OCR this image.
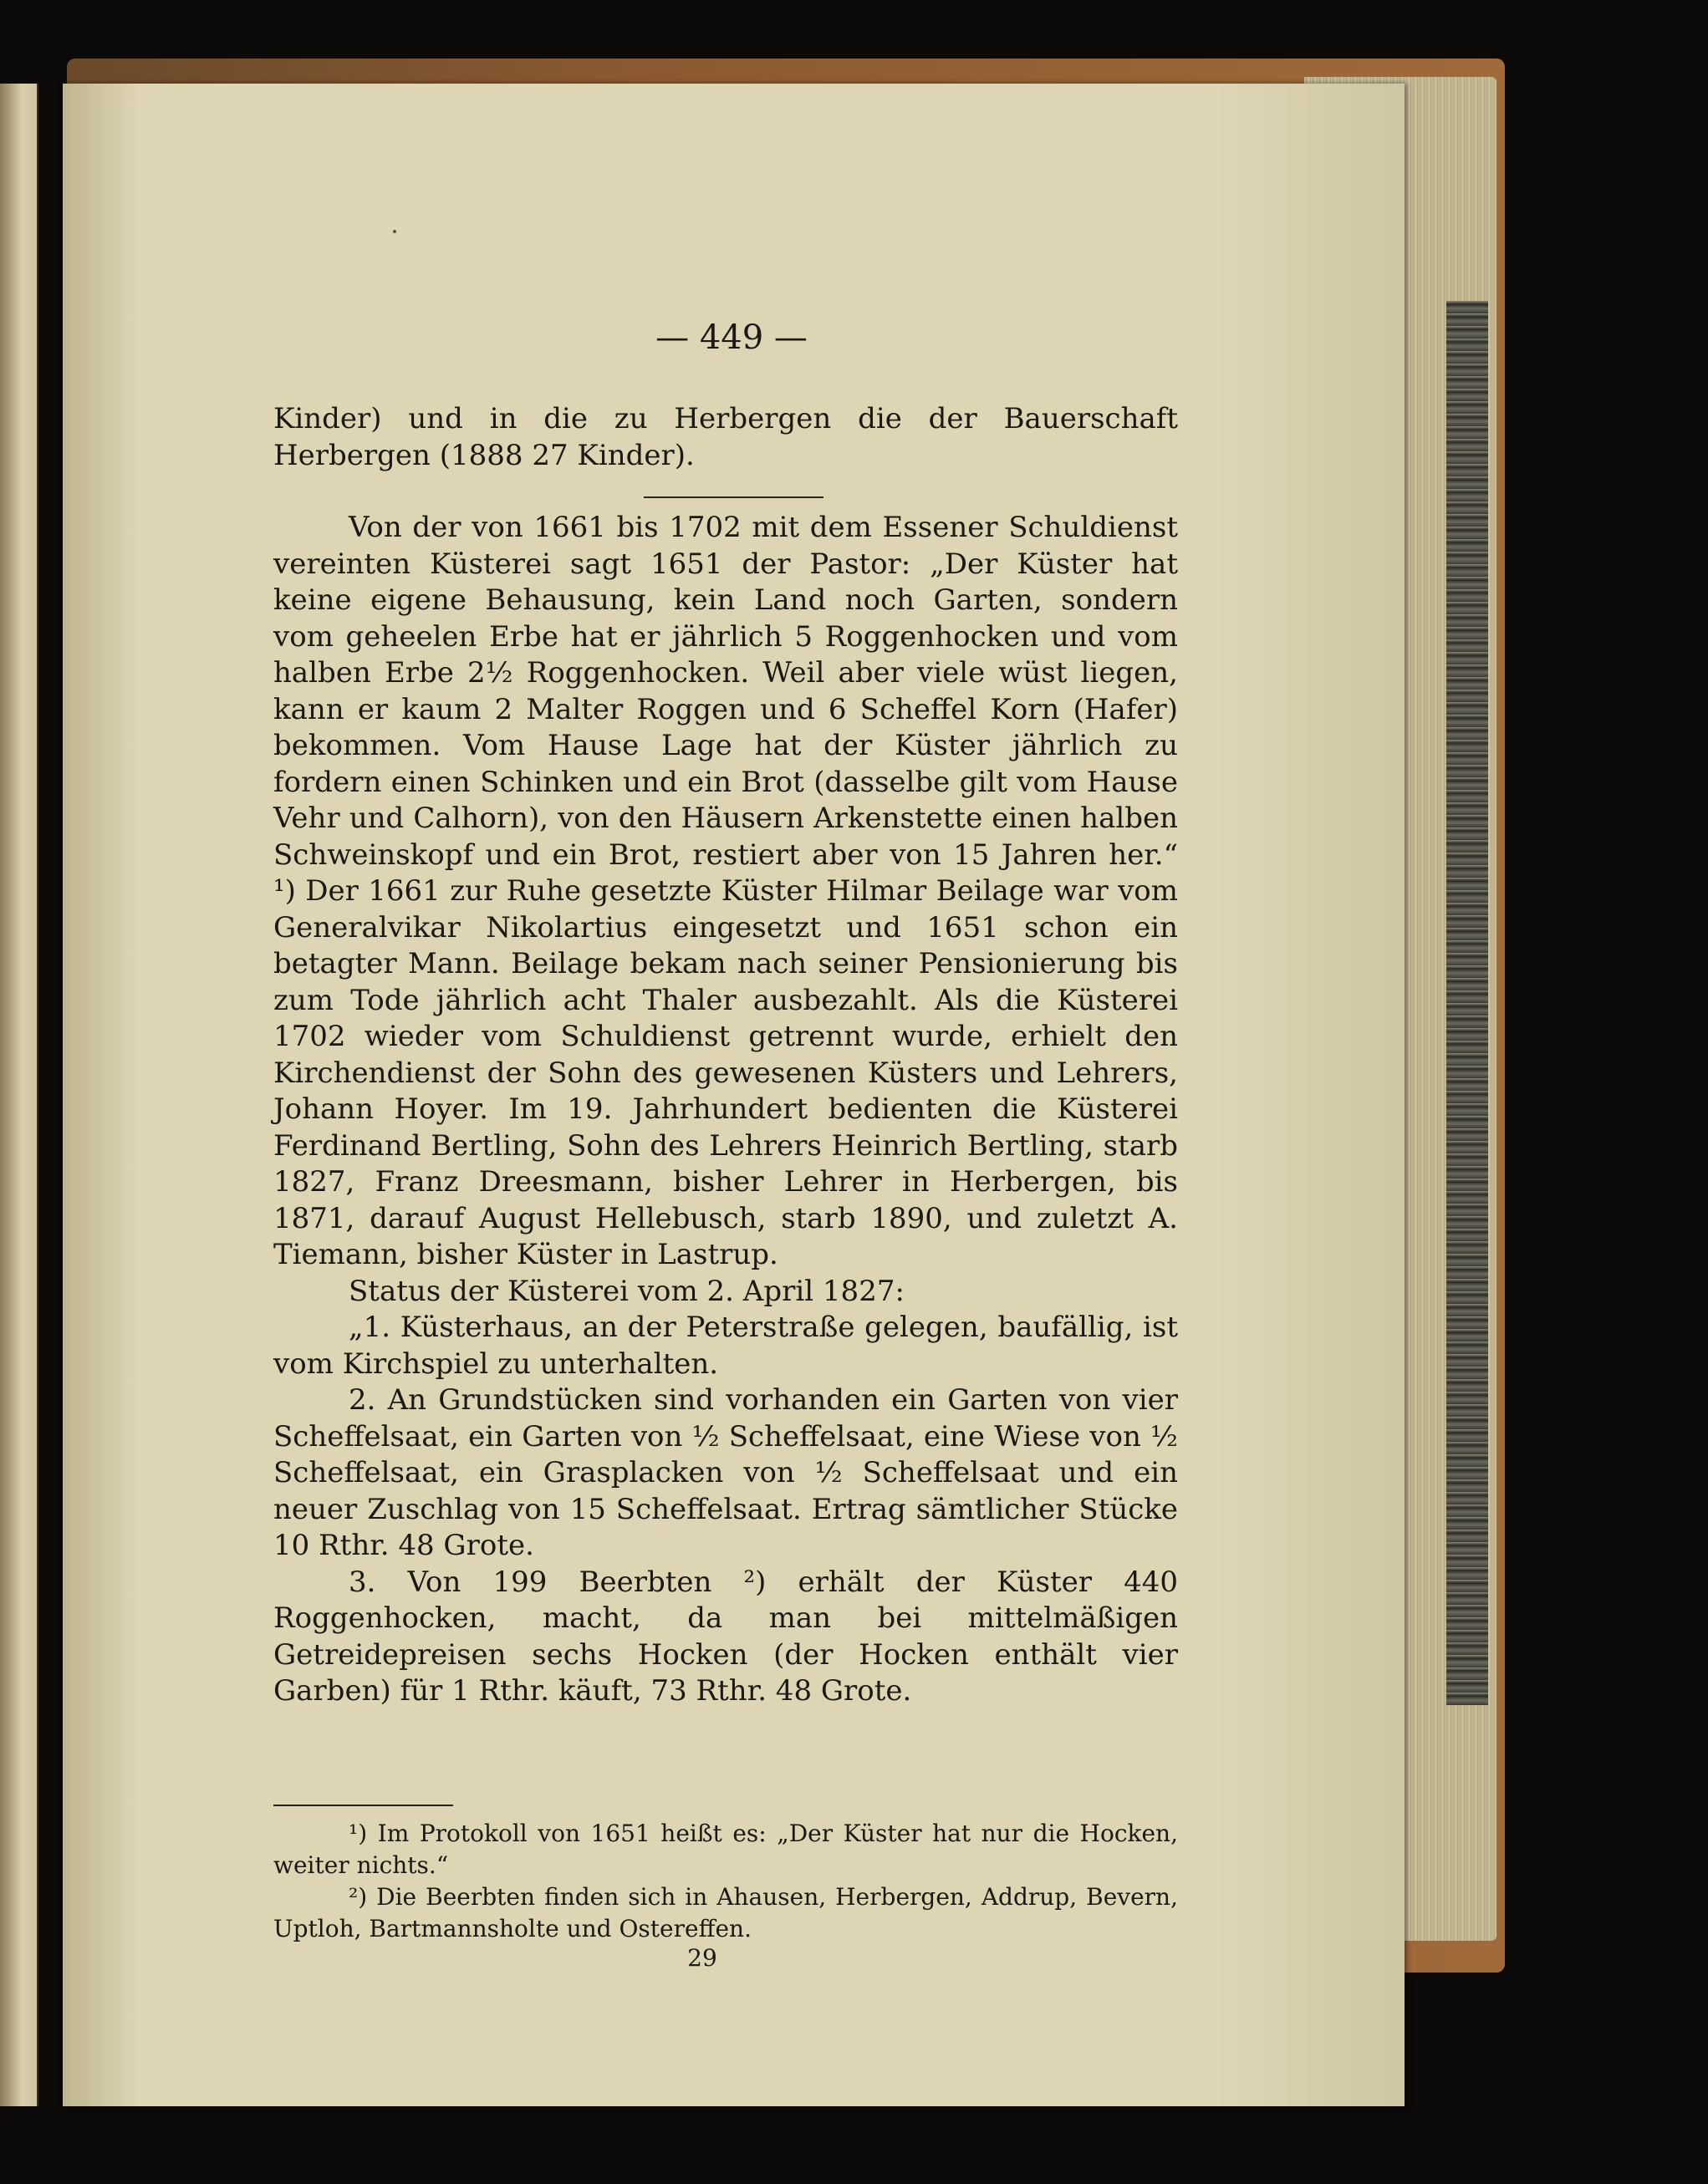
— 449 —

Kinder) und in die zu Herbergen die der Bauerschaft Herbergen (1888 27 Kinder).

Von der von 1661 bis 1702 mit dem Essener Schuldienst vereinten Küsterei sagt 1651 der Pastor: „Der Küster hat keine eigene Behausung, kein Land noch Garten, sondern vom geheelen Erbe hat er jährlich 5 Roggenhocken und vom halben Erbe 2½ Roggenhocken. Weil aber viele wüst liegen, kann er kaum 2 Malter Roggen und 6 Scheffel Korn (Hafer) bekommen. Vom Hause Lage hat der Küster jährlich zu fordern einen Schinken und ein Brot (dasselbe gilt vom Hause Vehr und Calhorn), von den Häusern Arkenstette einen halben Schweinskopf und ein Brot, restiert aber von 15 Jahren her.“ ¹) Der 1661 zur Ruhe gesetzte Küster Hilmar Beilage war vom Generalvikar Nikolartius eingesetzt und 1651 schon ein betagter Mann. Beilage bekam nach seiner Pensionierung bis zum Tode jährlich acht Thaler ausbezahlt. Als die Küsterei 1702 wieder vom Schuldienst getrennt wurde, erhielt den Kirchendienst der Sohn des gewesenen Küsters und Lehrers, Johann Hoyer. Im 19. Jahrhundert bedienten die Küsterei Ferdinand Bertling, Sohn des Lehrers Heinrich Bertling, starb 1827, Franz Dreesmann, bisher Lehrer in Herbergen, bis 1871, darauf August Hellebusch, starb 1890, und zuletzt A. Tiemann, bisher Küster in Lastrup.

Status der Küsterei vom 2. April 1827:

„1. Küsterhaus, an der Peterstraße gelegen, baufällig, ist vom Kirchspiel zu unterhalten.

2. An Grundstücken sind vorhanden ein Garten von vier Scheffelsaat, ein Garten von ½ Scheffelsaat, eine Wiese von ½ Scheffelsaat, ein Grasplacken von ½ Scheffelsaat und ein neuer Zuschlag von 15 Scheffelsaat. Ertrag sämtlicher Stücke 10 Rthr. 48 Grote.

3. Von 199 Beerbten ²) erhält der Küster 440 Roggenhocken, macht, da man bei mittelmäßigen Getreidepreisen sechs Hocken (der Hocken enthält vier Garben) für 1 Rthr. käuft, 73 Rthr. 48 Grote.

¹) Im Protokoll von 1651 heißt es: „Der Küster hat nur die Hocken, weiter nichts.“

²) Die Beerbten finden sich in Ahausen, Herbergen, Addrup, Bevern, Uptloh, Bartmannsholte und Ostereffen.

29
